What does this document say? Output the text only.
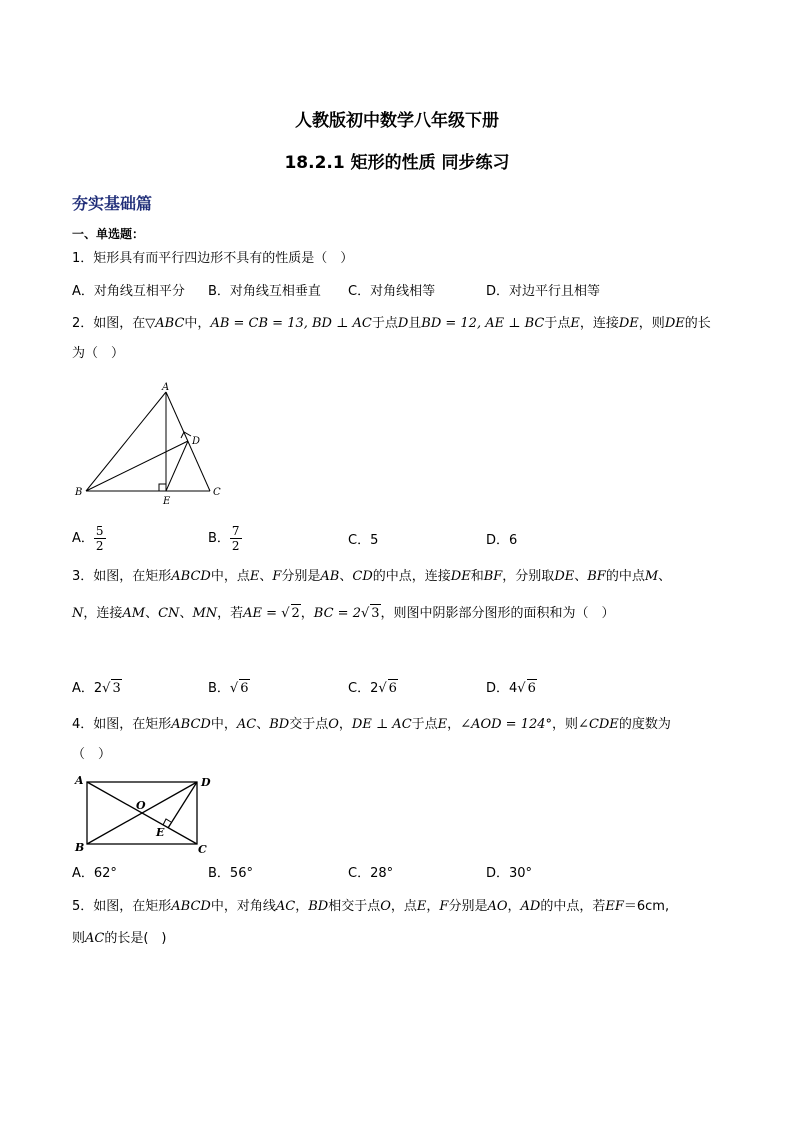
人教版初中数学八年级下册
18.2.1 矩形的性质 同步练习
夯实基础篇
一、单选题：
1．矩形具有而平行四边形不具有的性质是（　）
A．对角线互相平分 B．对角线互相垂直 C．对角线相等	D．对边平行且相等
2．如图，在▽ABC中，AB = CB = 13, BD ⊥ AC于点D且BD = 12, AE ⊥ BC于点E，连接DE，则DE的长
为（　）
A
B	C
D
E
A． $\frac{5}{2}$	B． $\frac{7}{2}$	C．5	D．6
3．如图，在矩形ABCD中，点E、F分别是AB、CD的中点，连接DE和BF，分别取DE、BF的中点M、
N，连接AM、CN、MN，若AE = √ 2，BC = 2√ 3，则图中阴影部分图形的面积和为（　）
A．2√ 3	B．√ 6	C．2√ 6	D．4√ 6
4．如图，在矩形ABCD中，AC、BD交于点O，DE ⊥ AC于点E，∠AOD = 124°，则∠CDE的度数为
（　）
A	D
B	C
O
E
A．62°	B．56°	C．28°	D．30°
5．如图，在矩形ABCD中，对角线AC，BD相交于点O，点E，F分别是AO，AD的中点，若EF＝6cm,
则AC的长是(　)
